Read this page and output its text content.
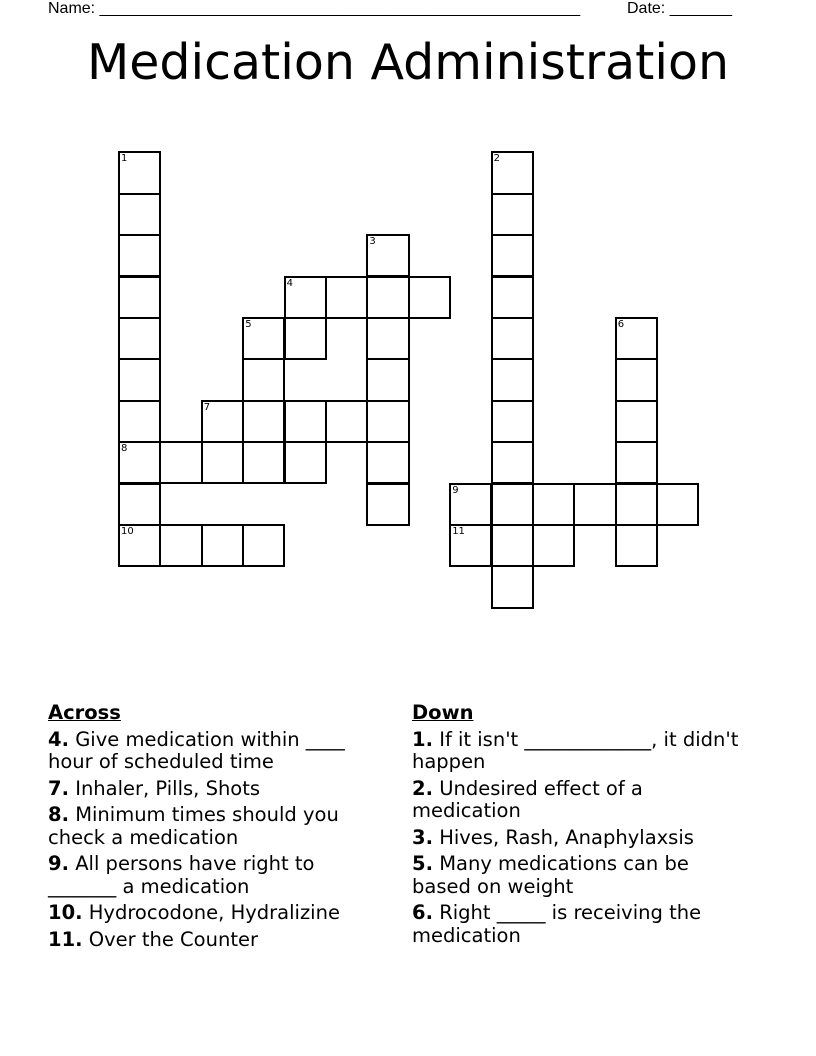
Name: ______________________________________________________	Date: _______
Medication Administration
1
8
10
7
5
4
3
9
11
2
6
Across
4. Give medication within ____ hour of scheduled time
7. Inhaler, Pills, Shots
8. Minimum times should you check a medication
9. All persons have right to _______ a medication
10. Hydrocodone, Hydralizine
11. Over the Counter
Down
1. If it isn't _____________, it didn't happen
2. Undesired effect of a medication
3. Hives, Rash, Anaphylaxsis
5. Many medications can be based on weight
6. Right _____ is receiving the medication
